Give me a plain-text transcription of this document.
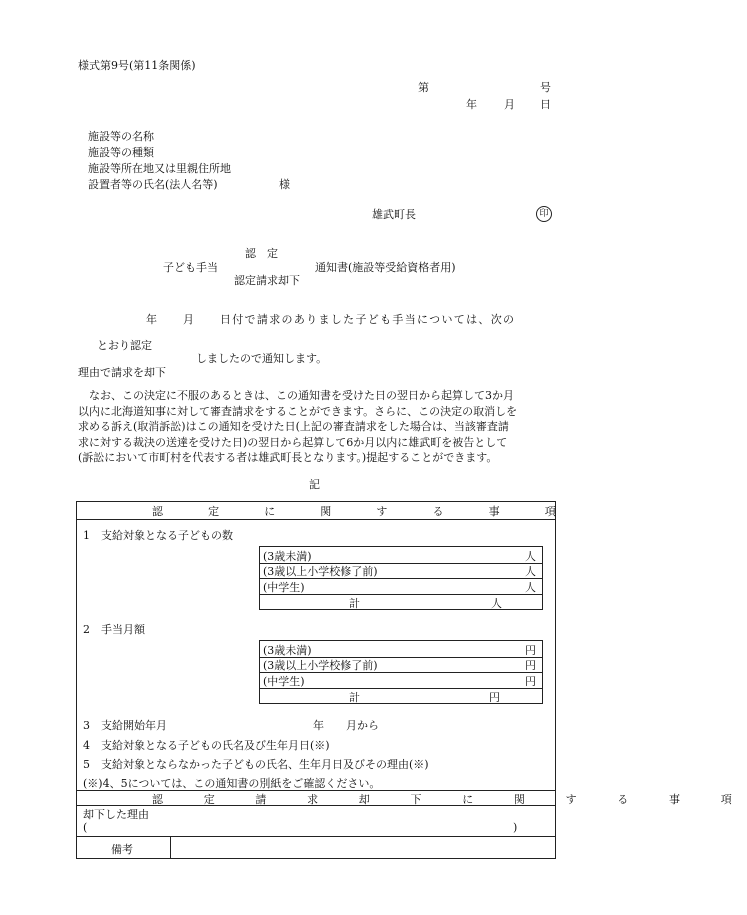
様式第9号(第11条関係)
第	号
年 月 日
施設等の名称
施設等の種類
施設等所在地又は里親住所地
設置者等の氏名(法人名等)	様
雄武町長	印
認　定
子ども手当	通知書(施設等受給資格者用)
認定請求却下
年　　月　　日付で請求のありました子ども手当については、次の
とおり認定
しましたので通知します。
理由で請求を却下
なお、この決定に不服のあるときは、この通知書を受けた日の翌日から起算して3か月
以内に北海道知事に対して審査請求をすることができます。さらに、この決定の取消しを
求める訴え(取消訴訟)はこの通知を受けた日(上記の審査請求をした場合は、当該審査請
求に対する裁決の送達を受けた日)の翌日から起算して6か月以内に雄武町を被告として
(訴訟において市町村を代表する者は雄武町長となります。)提起することができます。
記
認　定　に　関　す　る　事　項
1　支給対象となる子どもの数
(3歳未満)	人
(3歳以上小学校修了前)	人
(中学生)	人
計	人
2　手当月額
(3歳未満)	円
(3歳以上小学校修了前)	円
(中学生)	円
計	円
3　支給開始年月	年　　月から
4　支給対象となる子どもの氏名及び生年月日(※)
5　支給対象とならなかった子どもの氏名、生年月日及びその理由(※)
(※)4、5については、この通知書の別紙をご確認ください。
認　定　請　求　却　下　に　関　す　る　事　項
却下した理由
(	)
備考
